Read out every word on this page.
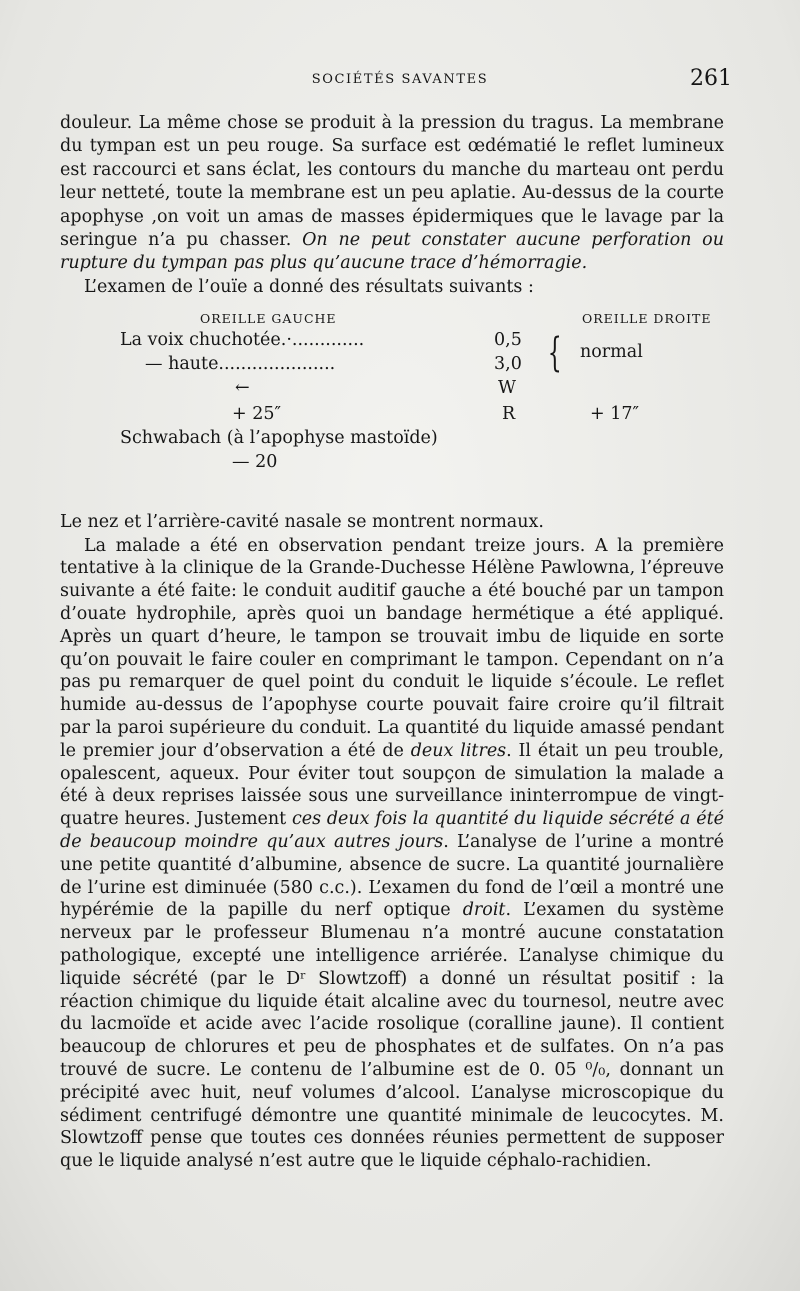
SOCIÉTÉS SAVANTES	261

douleur. La même chose se produit à la pression du tragus. La membrane du tympan est un peu rouge. Sa surface est œdématié le reflet lumineux est raccourci et sans éclat, les contours du manche du marteau ont perdu leur netteté, toute la membrane est un peu aplatie. Au-dessus de la courte apophyse ,on voit un amas de masses épidermiques que le lavage par la seringue n’a pu chasser. On ne peut constater aucune perforation ou rupture du tympan pas plus qu’aucune trace d’hémorragie.

L’examen de l’ouïe a donné des résultats suivants :

OREILLE GAUCHE	OREILLE DROITE
La voix chuchotée.·.............	0,5
— haute.....................	3,0 { normal
←	W
+ 25″	R	+ 17″
Schwabach (à l’apophyse mastoïde)
— 20

Le nez et l’arrière-cavité nasale se montrent normaux.

La malade a été en observation pendant treize jours. A la première tentative à la clinique de la Grande-Duchesse Hélène Pawlowna, l’épreuve suivante a été faite: le conduit auditif gauche a été bouché par un tampon d’ouate hydrophile, après quoi un bandage hermétique a été appliqué. Après un quart d’heure, le tampon se trouvait imbu de liquide en sorte qu’on pouvait le faire couler en comprimant le tampon. Cependant on n’a pas pu remarquer de quel point du conduit le liquide s’écoule. Le reflet humide au-dessus de l’apophyse courte pouvait faire croire qu’il filtrait par la paroi supérieure du conduit. La quantité du liquide amassé pendant le premier jour d’observation a été de deux litres. Il était un peu trouble, opalescent, aqueux. Pour éviter tout soupçon de simulation la malade a été à deux reprises laissée sous une surveillance ininterrompue de vingt-quatre heures. Justement ces deux fois la quantité du liquide sécrété a été de beaucoup moindre qu’aux autres jours. L’analyse de l’urine a montré une petite quantité d’albumine, absence de sucre. La quantité journalière de l’urine est diminuée (580 c.c.). L’examen du fond de l’œil a montré une hypérémie de la papille du nerf optique droit. L’examen du système nerveux par le professeur Blumenau n’a montré aucune constatation pathologique, excepté une intelligence arriérée. L’analyse chimique du liquide sécrété (par le Dʳ Slowtzoff) a donné un résultat positif : la réaction chimique du liquide était alcaline avec du tournesol, neutre avec du lacmoïde et acide avec l’acide rosolique (coralline jaune). Il contient beaucoup de chlorures et peu de phosphates et de sulfates. On n’a pas trouvé de sucre. Le contenu de l’albumine est de 0. 05 ⁰/₀, donnant un précipité avec huit, neuf volumes d’alcool. L’analyse microscopique du sédiment centrifugé démontre une quantité minimale de leucocytes. M. Slowtzoff pense que toutes ces données réunies permettent de supposer que le liquide analysé n’est autre que le liquide céphalo-rachidien.
